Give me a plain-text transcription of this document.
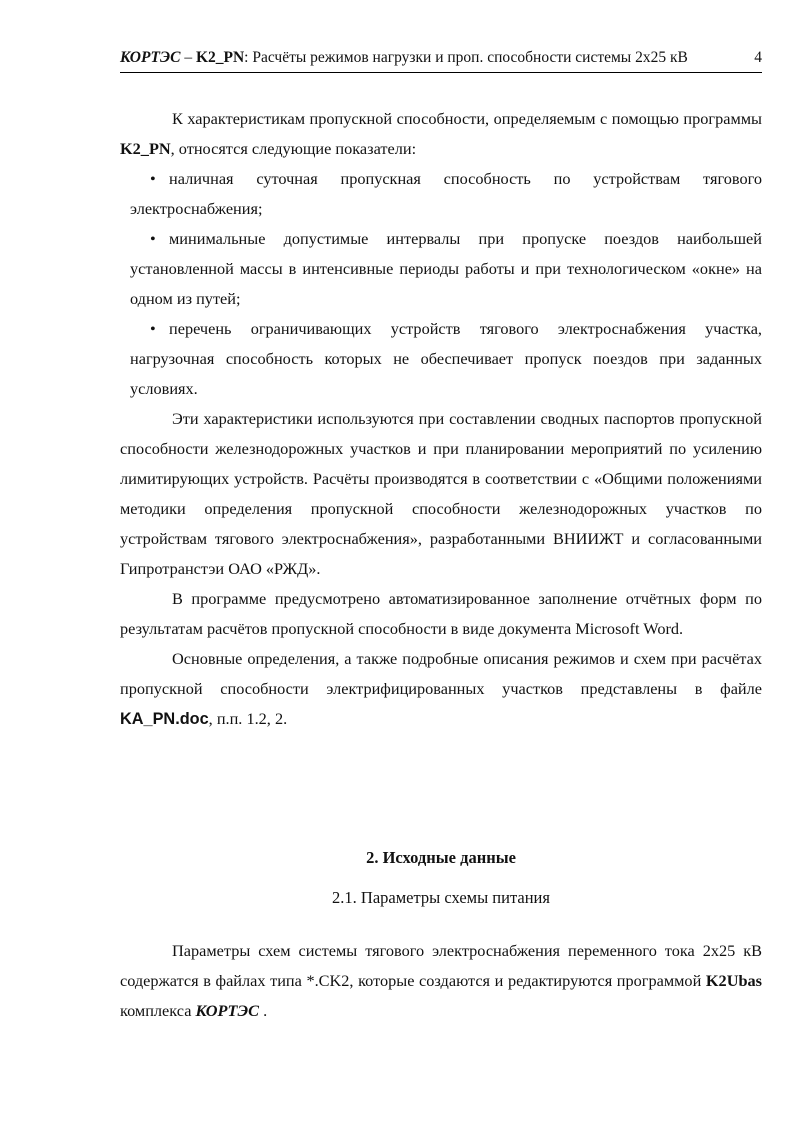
КОРТЭС – K2_PN: Расчёты режимов нагрузки и проп. способности системы 2х25 кВ	4

К характеристикам пропускной способности, определяемым с помощью программы K2_PN, относятся следующие показатели:

• наличная суточная пропускная способность по устройствам тягового электроснабжения;

• минимальные допустимые интервалы при пропуске поездов наибольшей установленной массы в интенсивные периоды работы и при технологическом «окне» на одном из путей;

• перечень ограничивающих устройств тягового электроснабжения участка, нагрузочная способность которых не обеспечивает пропуск поездов при заданных условиях.

Эти характеристики используются при составлении сводных паспортов пропускной способности железнодорожных участков и при планировании мероприятий по усилению лимитирующих устройств. Расчёты производятся в соответствии с «Общими положениями методики определения пропускной способности железнодорожных участков по устройствам тягового электроснабжения», разработанными ВНИИЖТ и согласованными Гипротранстэи ОАО «РЖД».

В программе предусмотрено автоматизированное заполнение отчётных форм по результатам расчётов пропускной способности в виде документа Microsoft Word.

Основные определения, а также подробные описания режимов и схем при расчётах пропускной способности электрифицированных участков представлены в файле KA_PN.doc, п.п. 1.2, 2.

2. Исходные данные
2.1. Параметры схемы питания

Параметры схем системы тягового электроснабжения переменного тока 2х25 кВ содержатся в файлах типа *.CK2, которые создаются и редактируются программой K2Ubas комплекса КОРТЭС .
